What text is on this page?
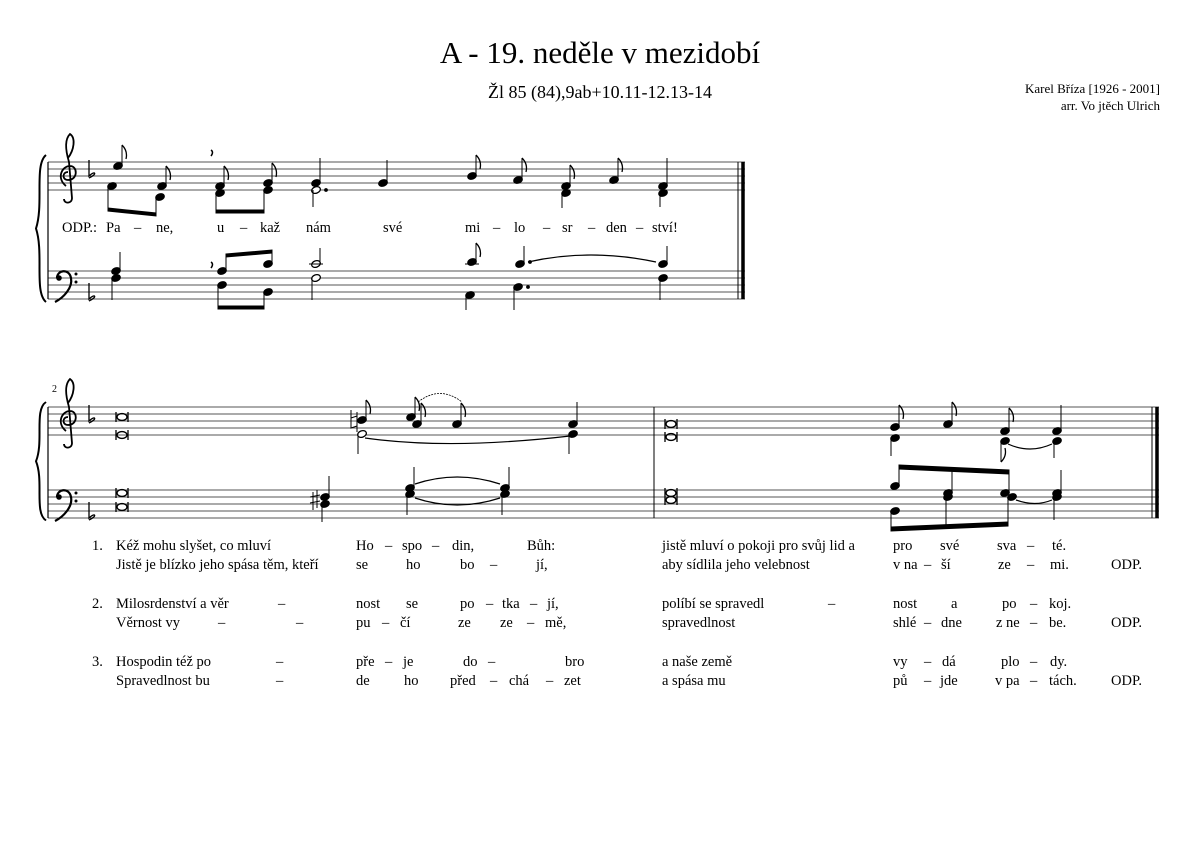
A - 19. neděle v mezidobí
Žl 85 (84),9ab+10.11-12.13-14	Karel Bříza [1926 - 2001]
arr. Vo jtěch Ulrich
ODP.: Pa – ne,	u – kaž nám	své	mi – lo – sr – den – ství!
2
1. Kéž mohu slyšet, co mluví	Ho – spo – din,	Bůh:	jistě mluví o pokoji pro svůj lid a	pro své	sva – té.
Jistě je blízko jeho spása těm, kteří	se	ho	bo –	jí,	aby sídlila jeho velebnost	v na – ší	ze – mi.	ODP.
2. Milosrdenství a věr	–	nost se	po – tka – jí,	políbí se spravedl	–	nost a	po – koj.
Věrnost vy	–	–	pu – čí	ze ze – mě,	spravedlnost	shlé – dne z ne – be.	ODP.
3. Hospodin též po	–	pře – je	do –	bro	a naše země	vy – dá	plo – dy.
Spravedlnost bu	–	de ho před – chá – zet	a spása mu	pů – jde	v pa – tách. ODP.
